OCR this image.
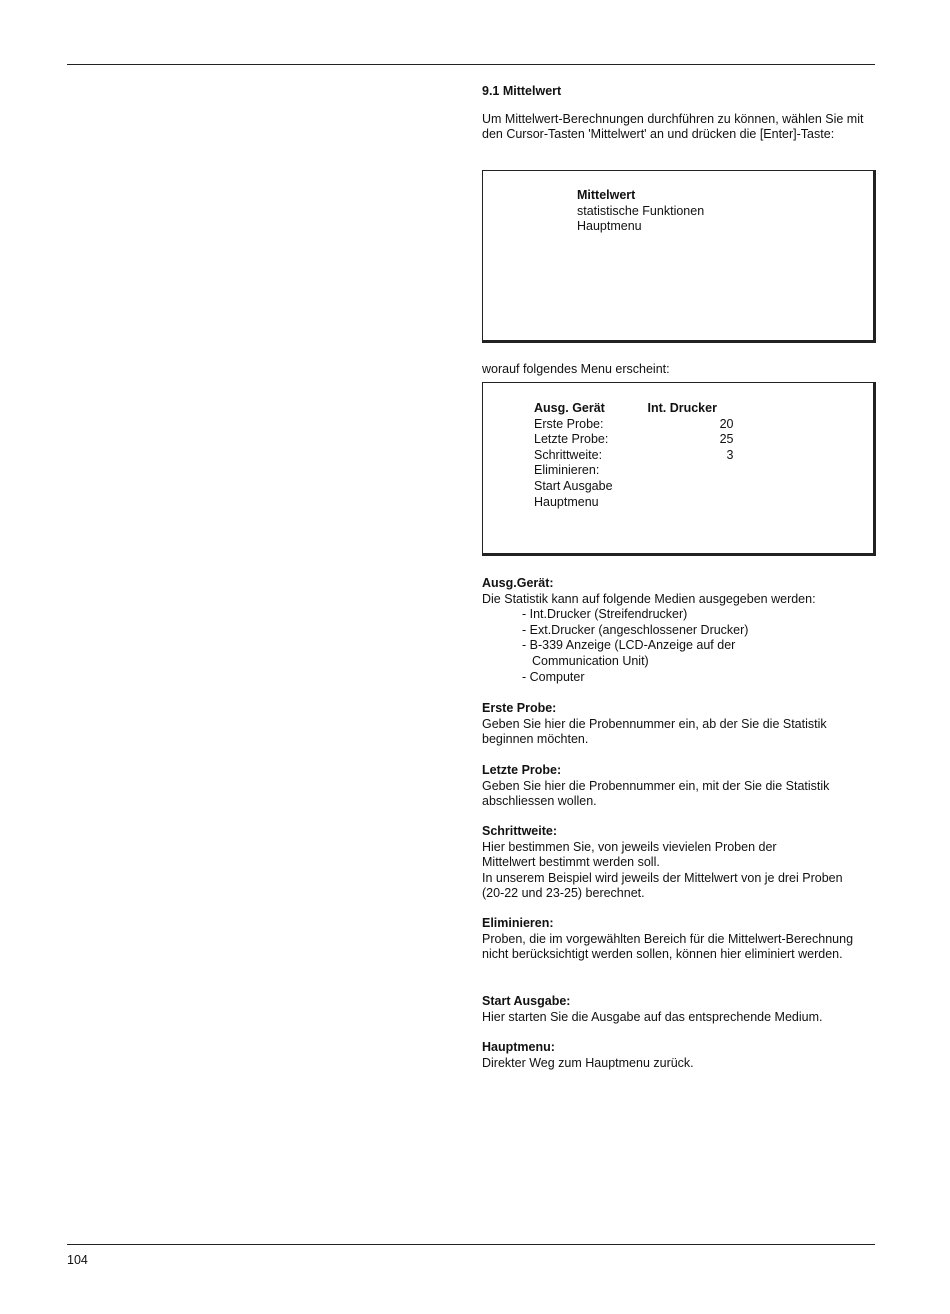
9.1 Mittelwert

Um Mittelwert-Berechnungen durchführen zu können, wählen Sie mit den Cursor-Tasten 'Mittelwert' an und drücken die [Enter]-Taste:

Mittelwert
statistische Funktionen
Hauptmenu
worauf folgendes Menu erscheint:
Ausg. Gerät	Int. Drucker
Erste Probe:	20
Letzte Probe:	25
Schrittweite:	3
Eliminieren:
Start Ausgabe
Hauptmenu

Ausg.Gerät:

Die Statistik kann auf folgende Medien ausgegeben werden:

- Int.Drucker (Streifendrucker)
- Ext.Drucker (angeschlossener Drucker)
- B-339 Anzeige (LCD-Anzeige auf der
Communication Unit)
- Computer

Erste Probe:

Geben Sie hier die Probennummer ein, ab der Sie die Statistik beginnen möchten.

Letzte Probe:

Geben Sie hier die Probennummer ein, mit der Sie die Statistik abschliessen wollen.

Schrittweite:

Hier bestimmen Sie, von jeweils vievielen Proben der Mittelwert bestimmt werden soll.

In unserem Beispiel wird jeweils der Mittelwert von je drei Proben (20-22 und 23-25) berechnet.

Eliminieren:

Proben, die im vorgewählten Bereich für die Mittelwert-Berechnung nicht berücksichtigt werden sollen, können hier eliminiert werden.

Start Ausgabe:

Hier starten Sie die Ausgabe auf das entsprechende Medium.

Hauptmenu:

Direkter Weg zum Hauptmenu zurück.

104
